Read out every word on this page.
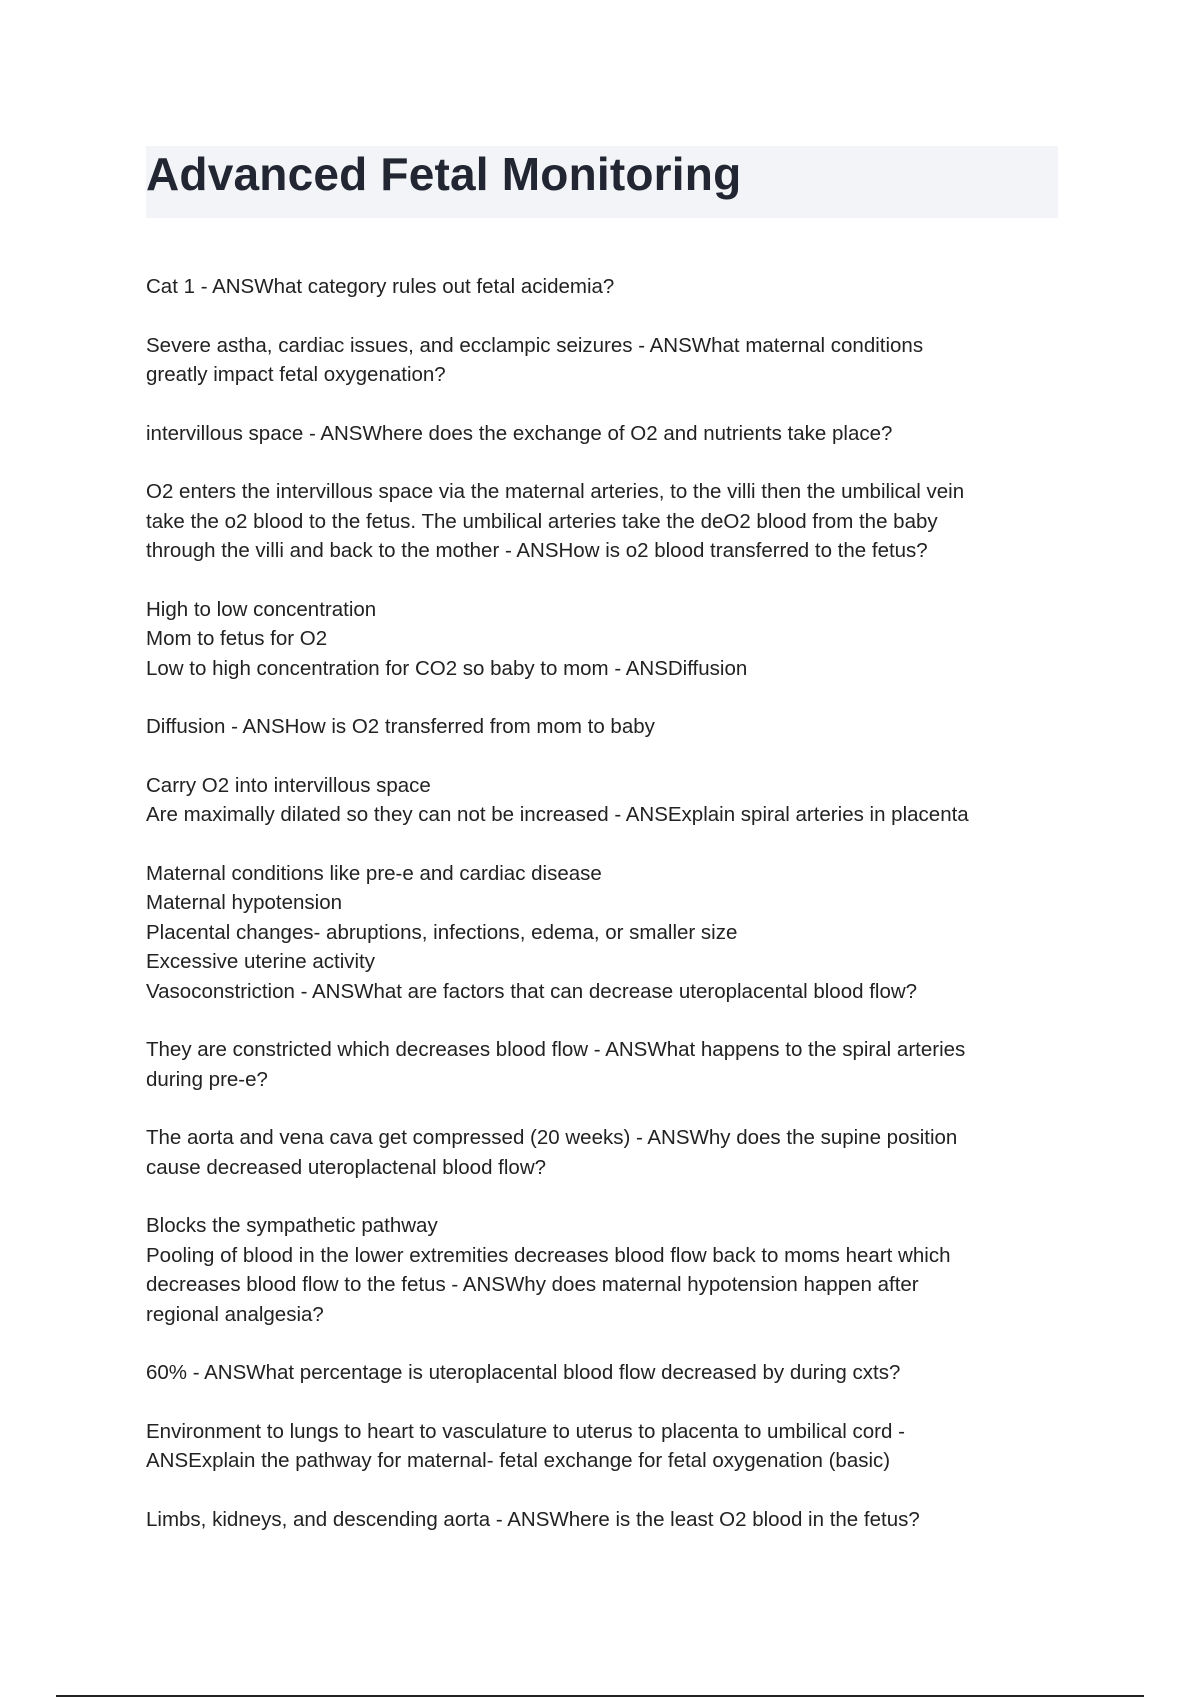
Advanced Fetal Monitoring
Cat 1 - ANSWhat category rules out fetal acidemia?
Severe astha, cardiac issues, and ecclampic seizures - ANSWhat maternal conditions
greatly impact fetal oxygenation?
intervillous space - ANSWhere does the exchange of O2 and nutrients take place?
O2 enters the intervillous space via the maternal arteries, to the villi then the umbilical vein
take the o2 blood to the fetus. The umbilical arteries take the deO2 blood from the baby
through the villi and back to the mother - ANSHow is o2 blood transferred to the fetus?
High to low concentration
Mom to fetus for O2
Low to high concentration for CO2 so baby to mom - ANSDiffusion
Diffusion - ANSHow is O2 transferred from mom to baby
Carry O2 into intervillous space
Are maximally dilated so they can not be increased - ANSExplain spiral arteries in placenta
Maternal conditions like pre-e and cardiac disease
Maternal hypotension
Placental changes- abruptions, infections, edema, or smaller size
Excessive uterine activity
Vasoconstriction - ANSWhat are factors that can decrease uteroplacental blood flow?
They are constricted which decreases blood flow - ANSWhat happens to the spiral arteries
during pre-e?
The aorta and vena cava get compressed (20 weeks) - ANSWhy does the supine position
cause decreased uteroplactenal blood flow?
Blocks the sympathetic pathway
Pooling of blood in the lower extremities decreases blood flow back to moms heart which
decreases blood flow to the fetus - ANSWhy does maternal hypotension happen after
regional analgesia?
60% - ANSWhat percentage is uteroplacental blood flow decreased by during cxts?
Environment to lungs to heart to vasculature to uterus to placenta to umbilical cord -
ANSExplain the pathway for maternal- fetal exchange for fetal oxygenation (basic)
Limbs, kidneys, and descending aorta - ANSWhere is the least O2 blood in the fetus?
